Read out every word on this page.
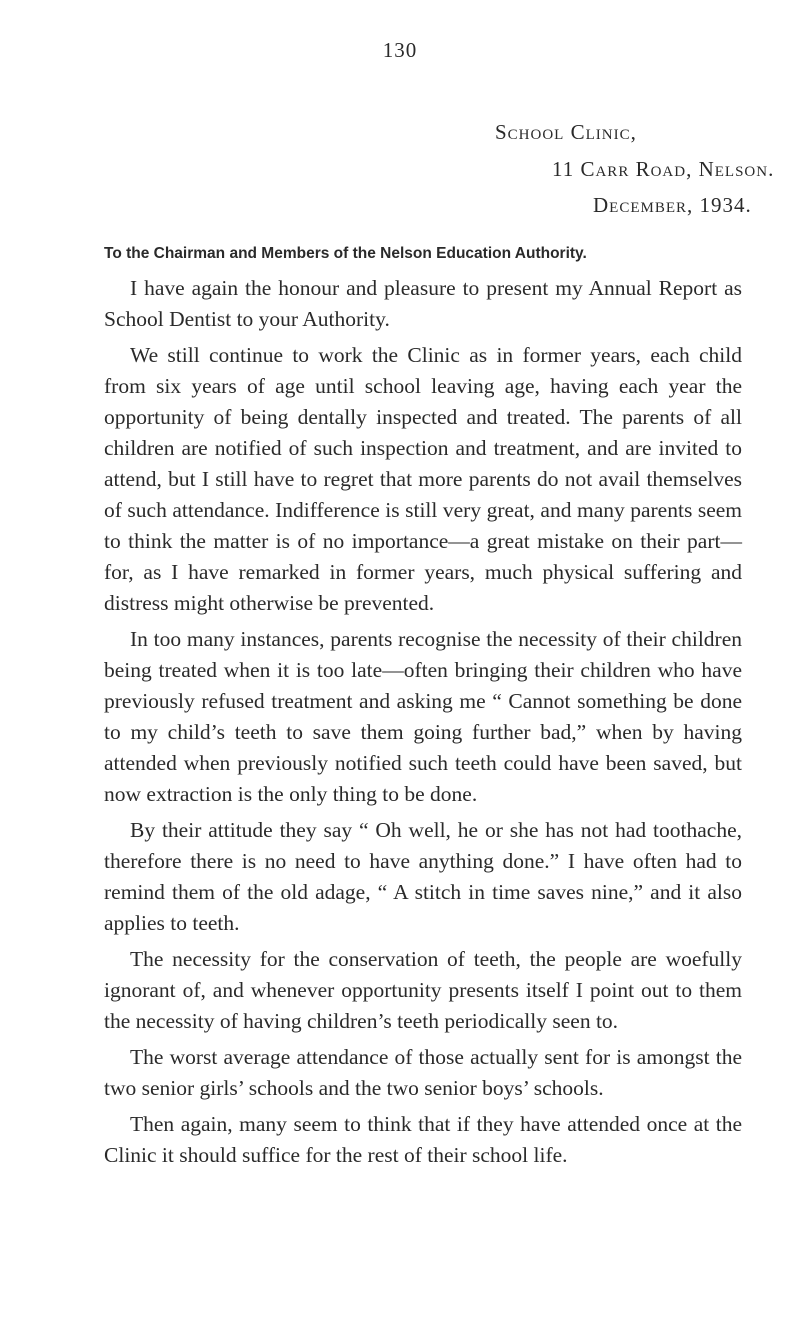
130
School Clinic,
11 Carr Road, Nelson.
December, 1934.
To the Chairman and Members of the Nelson Education Authority.

I have again the honour and pleasure to present my Annual Report as School Dentist to your Authority.

We still continue to work the Clinic as in former years, each child from six years of age until school leaving age, having each year the opportunity of being dentally inspected and treated. The parents of all children are notified of such inspection and treatment, and are invited to attend, but I still have to regret that more parents do not avail themselves of such attendance. Indifference is still very great, and many parents seem to think the matter is of no importance—a great mistake on their part—for, as I have remarked in former years, much physical suffering and distress might otherwise be prevented.

In too many instances, parents recognise the necessity of their children being treated when it is too late—often bringing their children who have previously refused treatment and asking me “ Cannot something be done to my child’s teeth to save them going further bad,” when by having attended when previously notified such teeth could have been saved, but now extraction is the only thing to be done.

By their attitude they say “ Oh well, he or she has not had toothache, therefore there is no need to have anything done.” I have often had to remind them of the old adage, “ A stitch in time saves nine,” and it also applies to teeth.

The necessity for the conservation of teeth, the people are woefully ignorant of, and whenever opportunity presents itself I point out to them the necessity of having children’s teeth periodically seen to.

The worst average attendance of those actually sent for is amongst the two senior girls’ schools and the two senior boys’ schools.

Then again, many seem to think that if they have attended once at the Clinic it should suffice for the rest of their school life.
